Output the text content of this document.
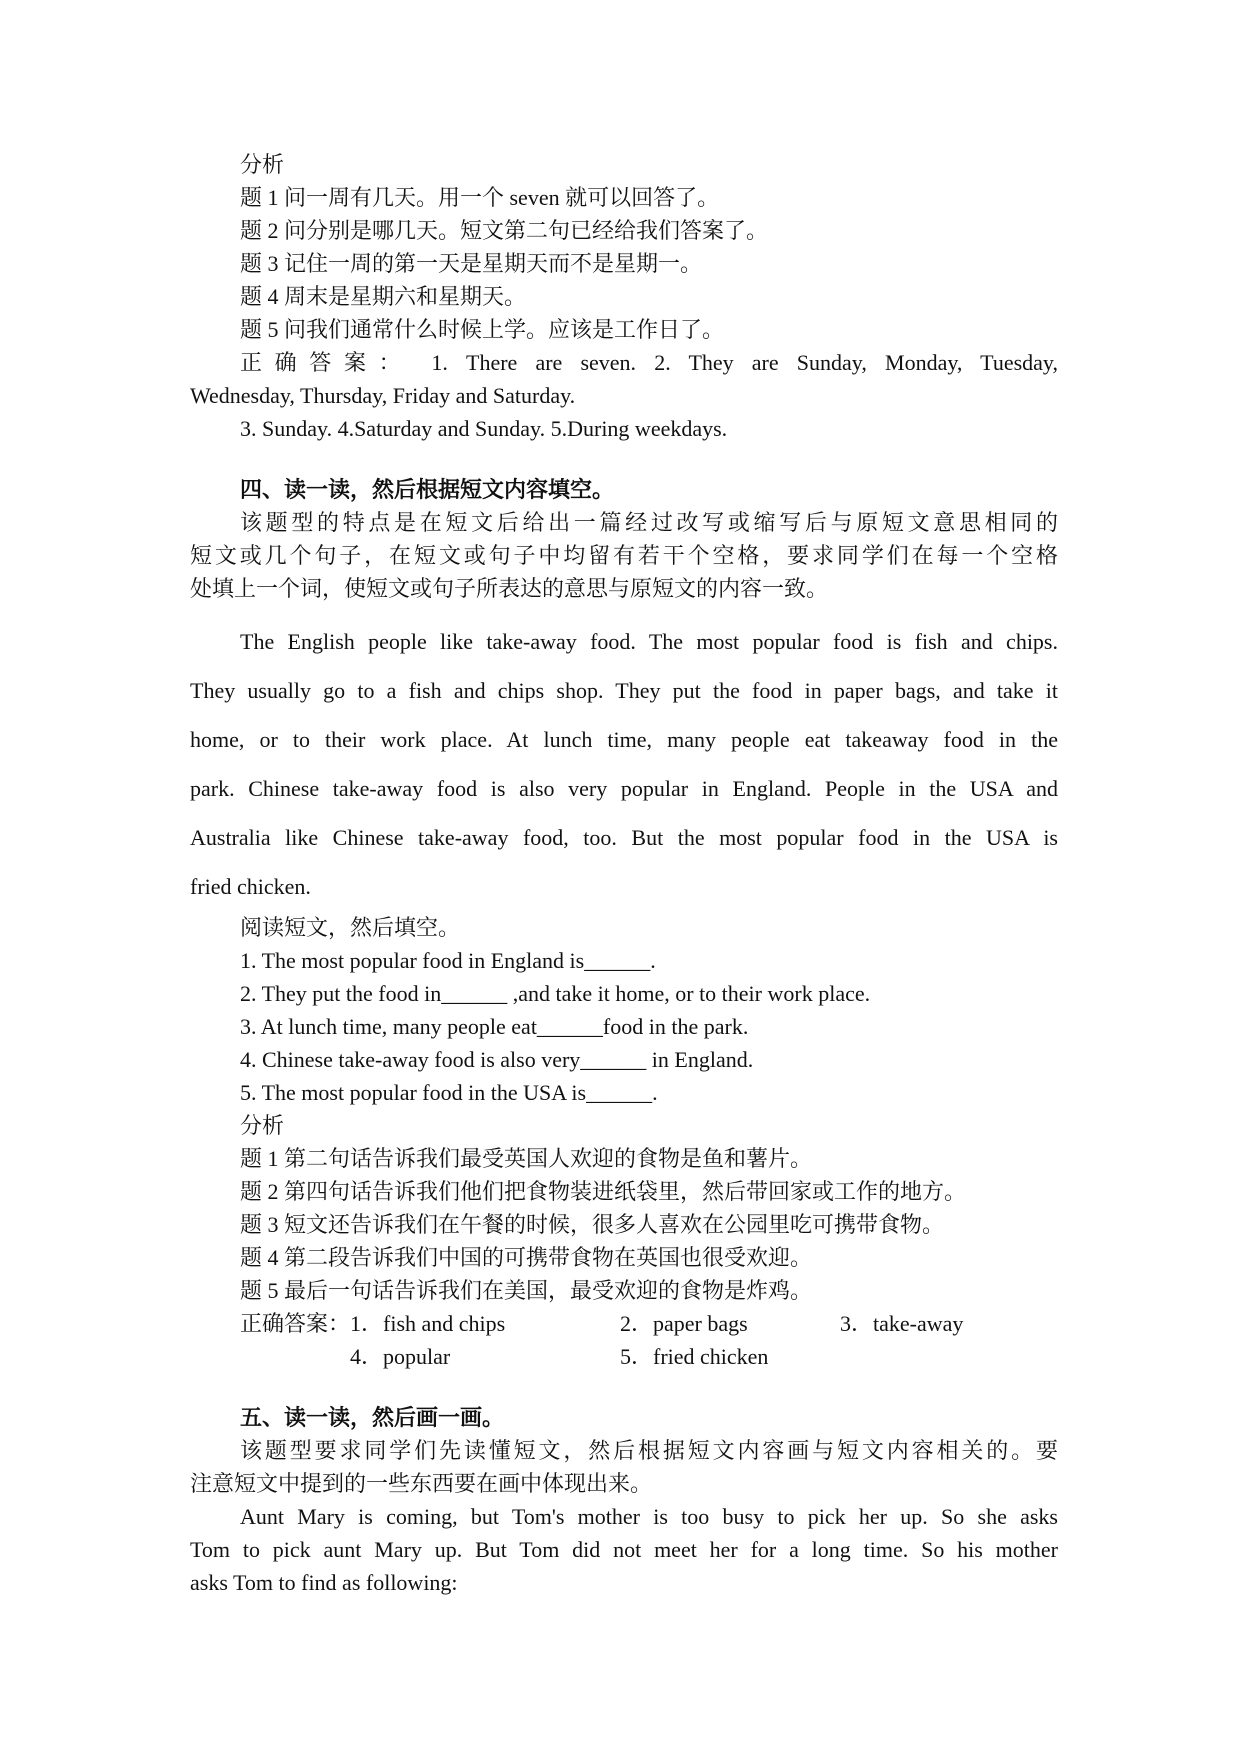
分析
题 1 问一周有几天。用一个 seven 就可以回答了。
题 2 问分别是哪几天。短文第二句已经给我们答案了。
题 3 记住一周的第一天是星期天而不是星期一。
题 4 周末是星期六和星期天。
题 5 问我们通常什么时候上学。应该是工作日了。
正确答案： 1. There are seven. 2. They are Sunday, Monday, Tuesday,
Wednesday, Thursday, Friday and Saturday.
3. Sunday. 4.Saturday and Sunday. 5.During weekdays.
四、读一读，然后根据短文内容填空。
该题型的特点是在短文后给出一篇经过改写或缩写后与原短文意思相同的
短文或几个句子，在短文或句子中均留有若干个空格，要求同学们在每一个空格
处填上一个词，使短文或句子所表达的意思与原短文的内容一致。
The English people like take-away food. The most popular food is fish and chips.
They usually go to a fish and chips shop. They put the food in paper bags, and take it
home, or to their work place. At lunch time, many people eat takeaway food in the
park. Chinese take-away food is also very popular in England. People in the USA and
Australia like Chinese take-away food, too. But the most popular food in the USA is
fried chicken.
阅读短文，然后填空。
1. The most popular food in England is______.
2. They put the food in______ ,and take it home, or to their work place.
3. At lunch time, many people eat______food in the park.
4. Chinese take-away food is also very______ in England.
5. The most popular food in the USA is______.
分析
题 1 第二句话告诉我们最受英国人欢迎的食物是鱼和薯片。
题 2 第四句话告诉我们他们把食物装进纸袋里，然后带回家或工作的地方。
题 3 短文还告诉我们在午餐的时候，很多人喜欢在公园里吃可携带食物。
题 4 第二段告诉我们中国的可携带食物在英国也很受欢迎。
题 5 最后一句话告诉我们在美国，最受欢迎的食物是炸鸡。
正确答案： 1．fish and chips	2．paper bags	3．take-away
4．popular	5．fried chicken
五、读一读，然后画一画。
该题型要求同学们先读懂短文，然后根据短文内容画与短文内容相关的。要
注意短文中提到的一些东西要在画中体现出来。
Aunt Mary is coming, but Tom's mother is too busy to pick her up. So she asks
Tom to pick aunt Mary up. But Tom did not meet her for a long time. So his mother
asks Tom to find as following:
